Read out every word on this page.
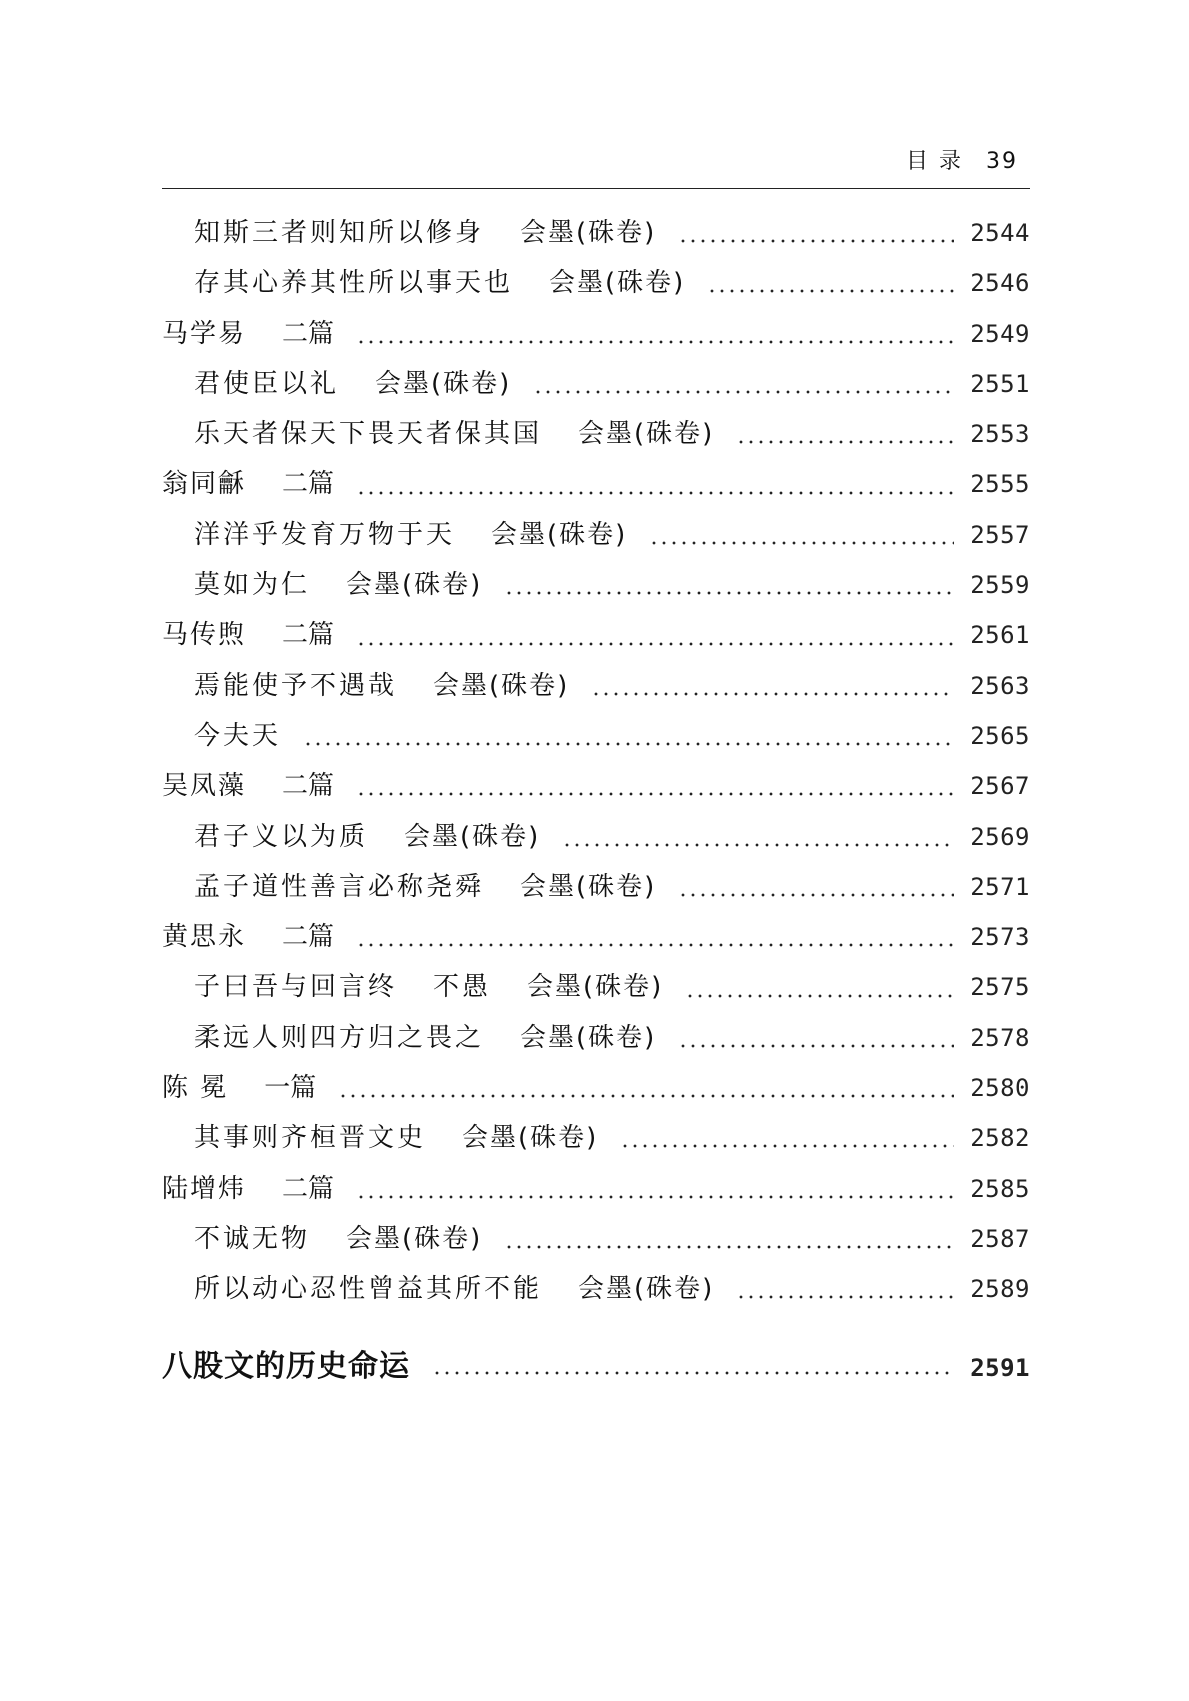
目 录 39
知斯三者则知所以修身 会墨(硃卷)	2544
存其心养其性所以事天也 会墨(硃卷)	2546
马学易 二篇	2549
君使臣以礼 会墨(硃卷)	2551
乐天者保天下畏天者保其国 会墨(硃卷)	2553
翁同龢 二篇	2555
洋洋乎发育万物于天 会墨(硃卷)	2557
莫如为仁 会墨(硃卷)	2559
马传煦 二篇	2561
焉能使予不遇哉 会墨(硃卷)	2563
今夫天	2565
吴凤藻 二篇	2567
君子义以为质 会墨(硃卷)	2569
孟子道性善言必称尧舜 会墨(硃卷)	2571
黄思永 二篇	2573
子曰吾与回言终 不愚 会墨(硃卷)	2575
柔远人则四方归之畏之 会墨(硃卷)	2578
陈 冕 一篇	2580
其事则齐桓晋文史 会墨(硃卷)	2582
陆增炜 二篇	2585
不诚无物 会墨(硃卷)	2587
所以动心忍性曾益其所不能 会墨(硃卷)	2589
八股文的历史命运	2591
